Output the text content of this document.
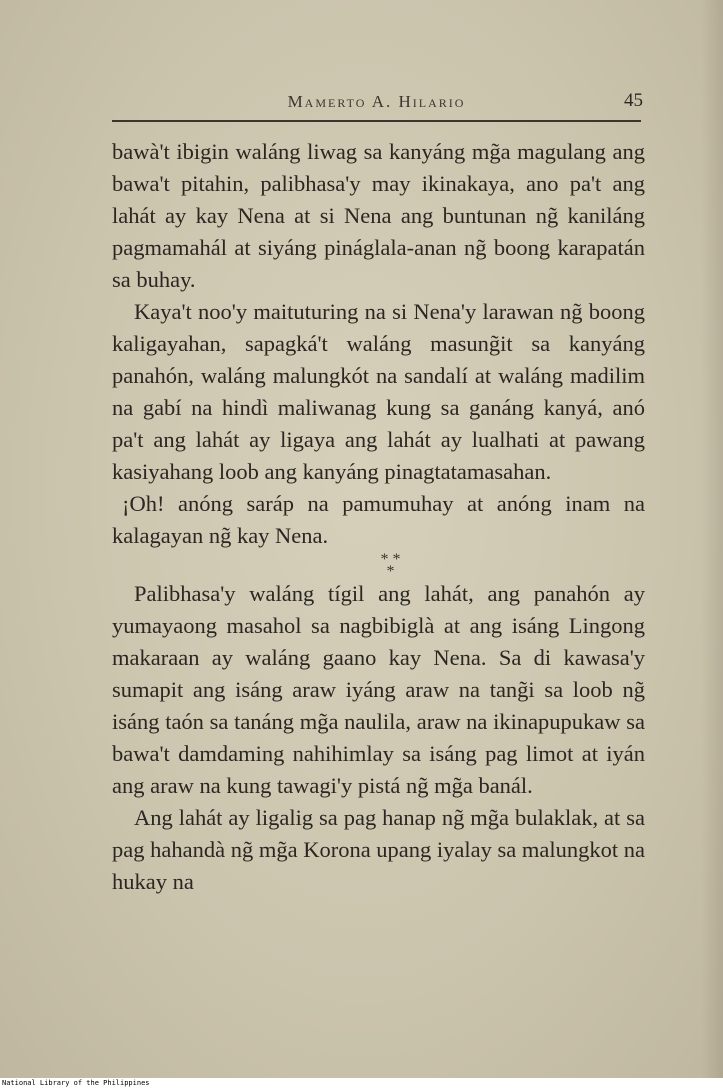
Mamerto A. Hilario	45

bawà't ibigin waláng liwag sa kanyáng mg̃a magulang ang bawa't pitahin, palibhasa'y may ikinakaya, ano pa't ang lahát ay kay Nena at si Nena ang buntunan ng̃ kaniláng pagmamahál at siyáng pináglala-anan ng̃ boong karapatán sa buhay.

Kaya't noo'y maituturing na si Nena'y larawan ng̃ boong kaligayahan, sapagká't waláng masung̃it sa kanyáng panahón, waláng malungkót na sandalí at waláng madilim na gabí na hindì maliwanag kung sa ganáng kanyá, anó pa't ang lahát ay ligaya ang lahát ay lualhati at pawang kasiyahang loob ang kanyáng pinagtatamasahan.

¡Oh! anóng saráp na pamumuhay at anóng inam na kalagayan ng̃ kay Nena.

* *
*

Palibhasa'y waláng tígil ang lahát, ang panahón ay yumayaong masahol sa nagbibiglà at ang isáng Lingong makaraan ay waláng gaano kay Nena. Sa di kawasa'y sumapit ang isáng araw iyáng araw na tang̃i sa loob ng̃ isáng taón sa tanáng mg̃a naulila, araw na ikinapupukaw sa bawa't damdaming nahihimlay sa isáng pag limot at iyán ang araw na kung tawagi'y pistá ng̃ mg̃a banál.

Ang lahát ay ligalig sa pag hanap ng̃ mg̃a bulaklak, at sa pag hahandà ng̃ mg̃a Korona upang iyalay sa malungkot na hukay na

National Library of the Philippines
